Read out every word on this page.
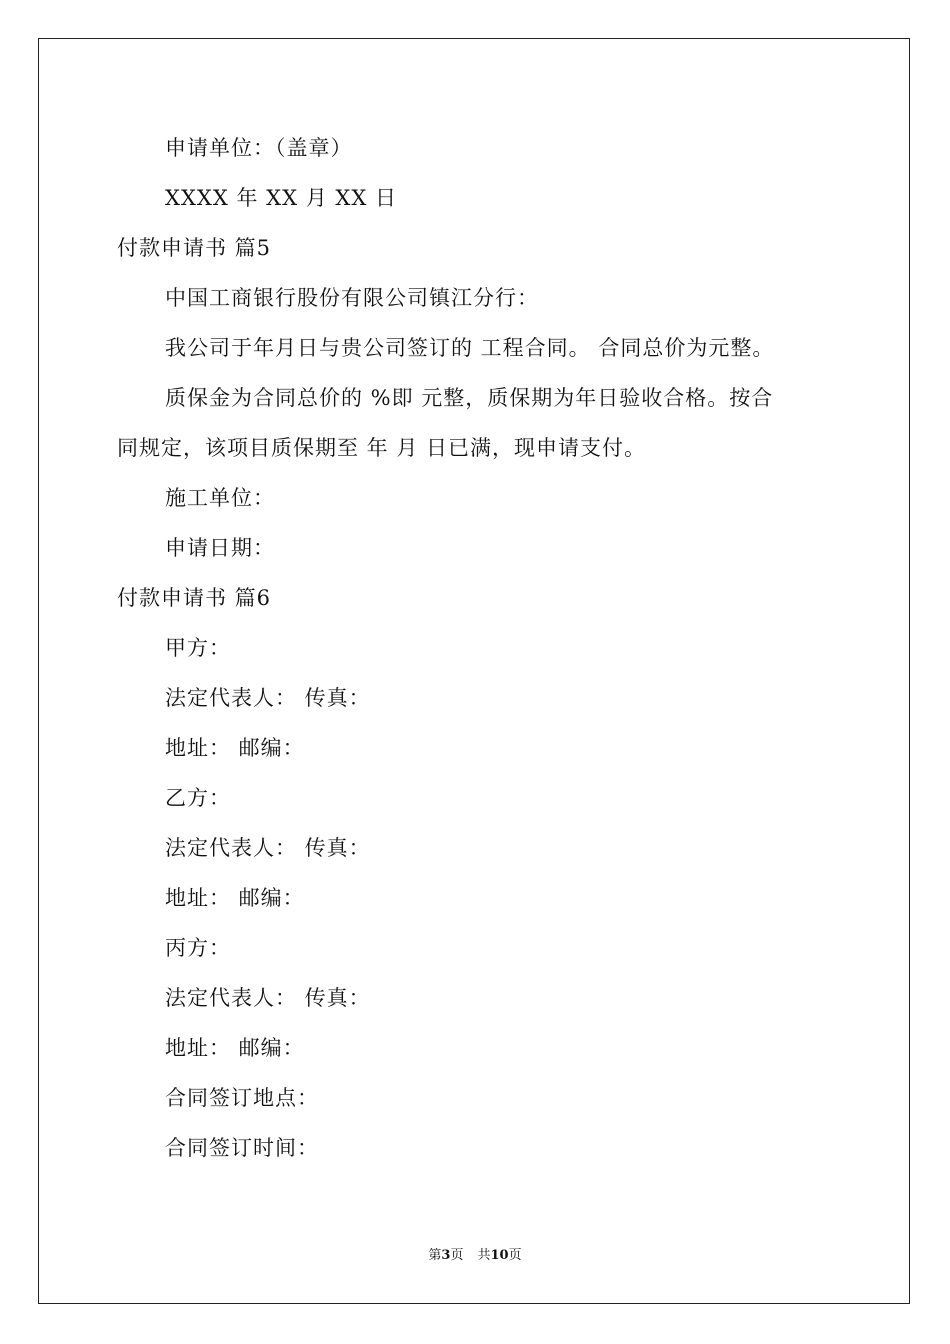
申请单位：（盖章）
XXXX 年 XX 月 XX 日
付款申请书 篇5
中国工商银行股份有限公司镇江分行：
我公司于年月日与贵公司签订的 工程合同。 合同总价为元整。
质保金为合同总价的 %即 元整，质保期为年日验收合格。按合
同规定，该项目质保期至 年 月 日已满，现申请支付。
施工单位：
申请日期：
付款申请书 篇6
甲方：
法定代表人： 传真：
地址： 邮编：
乙方：
法定代表人： 传真：
地址： 邮编：
丙方：
法定代表人： 传真：
地址： 邮编：
合同签订地点：
合同签订时间：
第3页 共10页
